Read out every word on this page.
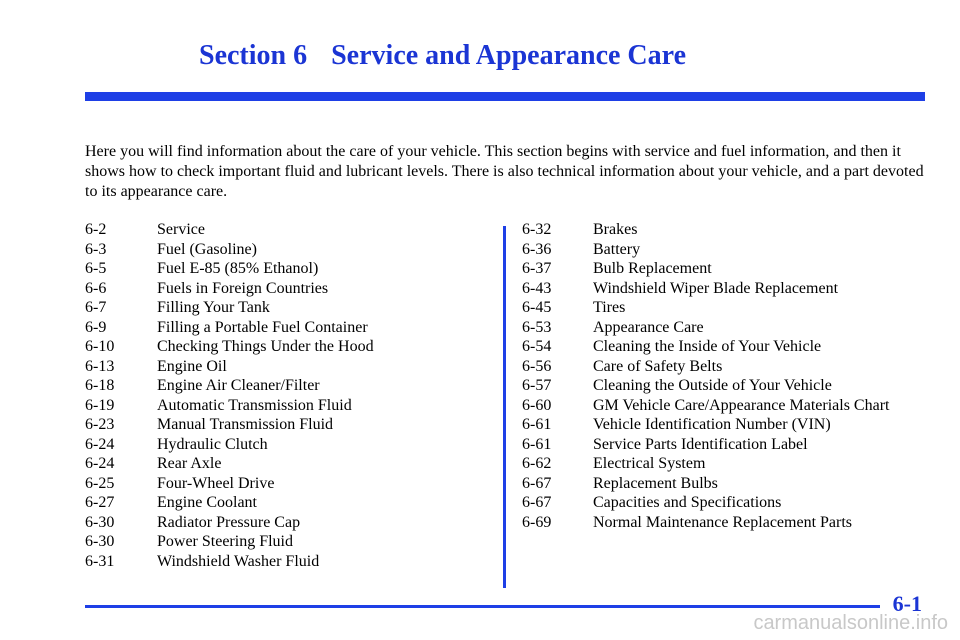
Section 6 Service and Appearance Care

Here you will find information about the care of your vehicle. This section begins with service and fuel information, and then it shows how to check important fluid and lubricant levels. There is also technical information about your vehicle, and a part devoted to its appearance care.

6-2	Service
6-3	Fuel (Gasoline)
6-5	Fuel E-85 (85% Ethanol)
6-6	Fuels in Foreign Countries
6-7	Filling Your Tank
6-9	Filling a Portable Fuel Container
6-10	Checking Things Under the Hood
6-13	Engine Oil
6-18	Engine Air Cleaner/Filter
6-19	Automatic Transmission Fluid
6-23	Manual Transmission Fluid
6-24	Hydraulic Clutch
6-24	Rear Axle
6-25	Four-Wheel Drive
6-27	Engine Coolant
6-30	Radiator Pressure Cap
6-30	Power Steering Fluid
6-31	Windshield Washer Fluid
6-32	Brakes
6-36	Battery
6-37	Bulb Replacement
6-43	Windshield Wiper Blade Replacement
6-45	Tires
6-53	Appearance Care
6-54	Cleaning the Inside of Your Vehicle
6-56	Care of Safety Belts
6-57	Cleaning the Outside of Your Vehicle
6-60	GM Vehicle Care/Appearance Materials Chart
6-61	Vehicle Identification Number (VIN)
6-61	Service Parts Identification Label
6-62	Electrical System
6-67	Replacement Bulbs
6-67	Capacities and Specifications
6-69	Normal Maintenance Replacement Parts
6-1
carmanualsonline.info
